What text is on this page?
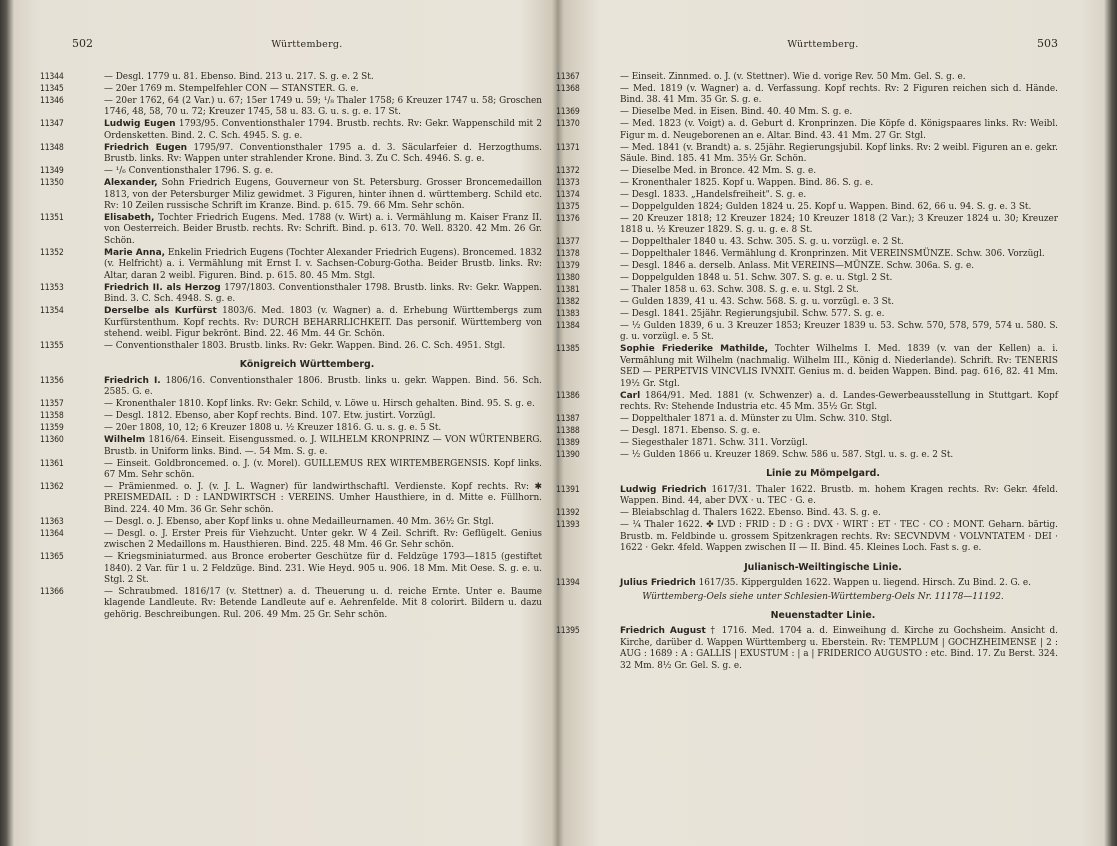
502	Württemberg.
11344	— Desgl. 1779 u. 81. Ebenso. Bind. 213 u. 217. S. g. e. 2 St.
11345	— 20er 1769 m. Stempelfehler CON — STANSTER. G. e.
11346	— 20er 1762, 64 (2 Var.) u. 67; 15er 1749 u. 59; ¹/₈ Thaler 1758; 6 Kreuzer 1747 u. 58; Groschen 1746, 48, 58, 70 u. 72; Kreuzer 1745, 58 u. 83. G. u. s. g. e. 17 St.
11347	Ludwig Eugen 1793/95. Conventionsthaler 1794. Brustb. rechts. Rv: Gekr. Wappenschild mit 2 Ordensketten. Bind. 2. C. Sch. 4945. S. g. e.
11348	Friedrich Eugen 1795/97. Conventionsthaler 1795 a. d. 3. Säcularfeier d. Herzogthums. Brustb. links. Rv: Wappen unter strahlender Krone. Bind. 3. Zu C. Sch. 4946. S. g. e.
11349	— ¹/₆ Conventionsthaler 1796. S. g. e.
11350	Alexander, Sohn Friedrich Eugens, Gouverneur von St. Petersburg. Grosser Broncemedaillon 1813, von der Petersburger Miliz gewidmet. 3 Figuren, hinter ihnen d. württemberg. Schild etc. Rv: 10 Zeilen russische Schrift im Kranze. Bind. p. 615. 79. 66 Mm. Sehr schön.
11351	Elisabeth, Tochter Friedrich Eugens. Med. 1788 (v. Wirt) a. i. Vermählung m. Kaiser Franz II. von Oesterreich. Beider Brustb. rechts. Rv: Schrift. Bind. p. 613. 70. Well. 8320. 42 Mm. 26 Gr. Schön.
11352	Marie Anna, Enkelin Friedrich Eugens (Tochter Alexander Friedrich Eugens). Broncemed. 1832 (v. Helfricht) a. i. Vermählung mit Ernst I. v. Sachsen-Coburg-Gotha. Beider Brustb. links. Rv: Altar, daran 2 weibl. Figuren. Bind. p. 615. 80. 45 Mm. Stgl.
11353	Friedrich II. als Herzog 1797/1803. Conventionsthaler 1798. Brustb. links. Rv: Gekr. Wappen. Bind. 3. C. Sch. 4948. S. g. e.
11354	Derselbe als Kurfürst 1803/6. Med. 1803 (v. Wagner) a. d. Erhebung Württembergs zum Kurfürstenthum. Kopf rechts. Rv: DURCH BEHARRLICHKEIT. Das personif. Württemberg von stehend. weibl. Figur bekrönt. Bind. 22. 46 Mm. 44 Gr. Schön.
11355	— Conventionsthaler 1803. Brustb. links. Rv: Gekr. Wappen. Bind. 26. C. Sch. 4951. Stgl.
Königreich Württemberg.
11356	Friedrich I. 1806/16. Conventionsthaler 1806. Brustb. links u. gekr. Wappen. Bind. 56. Sch. 2585. G. e.
11357	— Kronenthaler 1810. Kopf links. Rv: Gekr. Schild, v. Löwe u. Hirsch gehalten. Bind. 95. S. g. e.
11358	— Desgl. 1812. Ebenso, aber Kopf rechts. Bind. 107. Etw. justirt. Vorzügl.
11359	— 20er 1808, 10, 12; 6 Kreuzer 1808 u. ½ Kreuzer 1816. G. u. s. g. e. 5 St.
11360	Wilhelm 1816/64. Einseit. Eisengussmed. o. J. WILHELM KRONPRINZ — VON WÜRTENBERG. Brustb. in Uniform links. Bind. —. 54 Mm. S. g. e.
11361	— Einseit. Goldbroncemed. o. J. (v. Morel). GUILLEMUS REX WIRTEMBERGENSIS. Kopf links. 67 Mm. Sehr schön.
11362	— Prämienmed. o. J. (v. J. L. Wagner) für landwirthschaftl. Verdienste. Kopf rechts. Rv: ✱ PREISMEDAIL : D : LANDWIRTSCH : VEREINS. Umher Hausthiere, in d. Mitte e. Füllhorn. Bind. 224. 40 Mm. 36 Gr. Sehr schön.
11363	— Desgl. o. J. Ebenso, aber Kopf links u. ohne Medailleurnamen. 40 Mm. 36½ Gr. Stgl.
11364	— Desgl. o. J. Erster Preis für Viehzucht. Unter gekr. W 4 Zeil. Schrift. Rv: Geflügelt. Genius zwischen 2 Medaillons m. Hausthieren. Bind. 225. 48 Mm. 46 Gr. Sehr schön.
11365	— Kriegsminiaturmed. aus Bronce eroberter Geschütze für d. Feldzüge 1793—1815 (gestiftet 1840). 2 Var. für 1 u. 2 Feldzüge. Bind. 231. Wie Heyd. 905 u. 906. 18 Mm. Mit Oese. S. g. e. u. Stgl. 2 St.
11366	— Schraubmed. 1816/17 (v. Stettner) a. d. Theuerung u. d. reiche Ernte. Unter e. Baume klagende Landleute. Rv: Betende Landleute auf e. Aehrenfelde. Mit 8 colorirt. Bildern u. dazu gehörig. Beschreibungen. Rul. 206. 49 Mm. 25 Gr. Sehr schön.
Württemberg.	503
11367	— Einseit. Zinnmed. o. J. (v. Stettner). Wie d. vorige Rev. 50 Mm. Gel. S. g. e.
11368	— Med. 1819 (v. Wagner) a. d. Verfassung. Kopf rechts. Rv: 2 Figuren reichen sich d. Hände. Bind. 38. 41 Mm. 35 Gr. S. g. e.
11369	— Dieselbe Med. in Eisen. Bind. 40. 40 Mm. S. g. e.
11370	— Med. 1823 (v. Voigt) a. d. Geburt d. Kronprinzen. Die Köpfe d. Königspaares links. Rv: Weibl. Figur m. d. Neugeborenen an e. Altar. Bind. 43. 41 Mm. 27 Gr. Stgl.
11371	— Med. 1841 (v. Brandt) a. s. 25jähr. Regierungsjubil. Kopf links. Rv: 2 weibl. Figuren an e. gekr. Säule. Bind. 185. 41 Mm. 35½ Gr. Schön.
11372	— Dieselbe Med. in Bronce. 42 Mm. S. g. e.
11373	— Kronenthaler 1825. Kopf u. Wappen. Bind. 86. S. g. e.
11374	— Desgl. 1833. „Handelsfreiheit". S. g. e.
11375	— Doppelgulden 1824; Gulden 1824 u. 25. Kopf u. Wappen. Bind. 62, 66 u. 94. S. g. e. 3 St.
11376	— 20 Kreuzer 1818; 12 Kreuzer 1824; 10 Kreuzer 1818 (2 Var.); 3 Kreuzer 1824 u. 30; Kreuzer 1818 u. ½ Kreuzer 1829. S. g. u. g. e. 8 St.
11377	— Doppelthaler 1840 u. 43. Schw. 305. S. g. u. vorzügl. e. 2 St.
11378	— Doppelthaler 1846. Vermählung d. Kronprinzen. Mit VEREINSMÜNZE. Schw. 306. Vorzügl.
11379	— Desgl. 1846 a. derselb. Anlass. Mit VEREINS—MÜNZE. Schw. 306a. S. g. e.
11380	— Doppelgulden 1848 u. 51. Schw. 307. S. g. e. u. Stgl. 2 St.
11381	— Thaler 1858 u. 63. Schw. 308. S. g. e. u. Stgl. 2 St.
11382	— Gulden 1839, 41 u. 43. Schw. 568. S. g. u. vorzügl. e. 3 St.
11383	— Desgl. 1841. 25jähr. Regierungsjubil. Schw. 577. S. g. e.
11384	— ½ Gulden 1839, 6 u. 3 Kreuzer 1853; Kreuzer 1839 u. 53. Schw. 570, 578, 579, 574 u. 580. S. g. u. vorzügl. e. 5 St.
11385	Sophie Friederike Mathilde, Tochter Wilhelms I. Med. 1839 (v. van der Kellen) a. i. Vermählung mit Wilhelm (nachmalig. Wilhelm III., König d. Niederlande). Schrift. Rv: TENERIS SED — PERPETVIS VINCVLIS IVNXIT. Genius m. d. beiden Wappen. Bind. pag. 616, 82. 41 Mm. 19½ Gr. Stgl.
11386	Carl 1864/91. Med. 1881 (v. Schwenzer) a. d. Landes-Gewerbeausstellung in Stuttgart. Kopf rechts. Rv: Stehende Industria etc. 45 Mm. 35½ Gr. Stgl.
11387	— Doppelthaler 1871 a. d. Münster zu Ulm. Schw. 310. Stgl.
11388	— Desgl. 1871. Ebenso. S. g. e.
11389	— Siegesthaler 1871. Schw. 311. Vorzügl.
11390	— ½ Gulden 1866 u. Kreuzer 1869. Schw. 586 u. 587. Stgl. u. s. g. e. 2 St.
Linie zu Mömpelgard.
11391	Ludwig Friedrich 1617/31. Thaler 1622. Brustb. m. hohem Kragen rechts. Rv: Gekr. 4feld. Wappen. Bind. 44, aber DVX · u. TEC · G. e.
11392	— Bleiabschlag d. Thalers 1622. Ebenso. Bind. 43. S. g. e.
11393	— ¼ Thaler 1622. ✤ LVD : FRID : D : G : DVX · WIRT : ET · TEC · CO : MONT. Geharn. bärtig. Brustb. m. Feldbinde u. grossem Spitzenkragen rechts. Rv: SECVNDVM · VOLVNTATEM · DEI · 1622 · Gekr. 4feld. Wappen zwischen II — II. Bind. 45. Kleines Loch. Fast s. g. e.
Julianisch-Weiltingische Linie.
11394	Julius Friedrich 1617/35. Kippergulden 1622. Wappen u. liegend. Hirsch. Zu Bind. 2. G. e.
Württemberg-Oels siehe unter Schlesien-Württemberg-Oels Nr. 11178—11192.
Neuenstadter Linie.
11395	Friedrich August † 1716. Med. 1704 a. d. Einweihung d. Kirche zu Gochsheim. Ansicht d. Kirche, darüber d. Wappen Württemberg u. Eberstein. Rv: TEMPLUM | GOCHZHEIMENSE | 2 : AUG : 1689 : A : GALLIS | EXUSTUM : | a | FRIDERICO AUGUSTO : etc. Bind. 17. Zu Berst. 324. 32 Mm. 8½ Gr. Gel. S. g. e.
